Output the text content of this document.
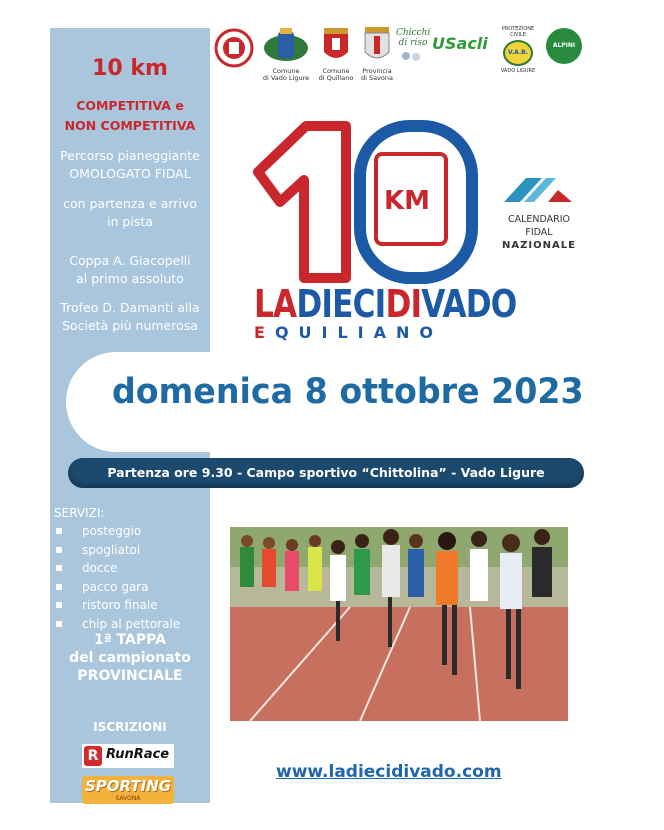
10 km
COMPETITIVA e
NON COMPETITIVA
Percorso pianeggiante
OMOLOGATO FIDAL
con partenza e arrivo
in pista
Coppa A. Giacopelli
al primo assoluto
Trofeo D. Damanti alla
Società più numerosa
SERVIZI:
posteggio
spogliatoi
docce
pacco gara
ristoro finale
chip al pettorale
1ª TAPPA
del campionato
PROVINCIALE
ISCRIZIONI
R RunRace
SPORTING
SAVONA
Comune
di Vado Ligure
Comune
di Quiliano
Provincia
di Savona
Chicchi di riso USacli
PROTEZIONE CIVILE
V.A.B.
VADO LIGURE
ALPINI
KM
LADIECIDIVADO
EQUILIANO
CALENDARIO FIDAL
NAZIONALE
domenica 8 ottobre 2023
Partenza ore 9.30 - Campo sportivo “Chittolina” - Vado Ligure
www.ladiecidivado.com
